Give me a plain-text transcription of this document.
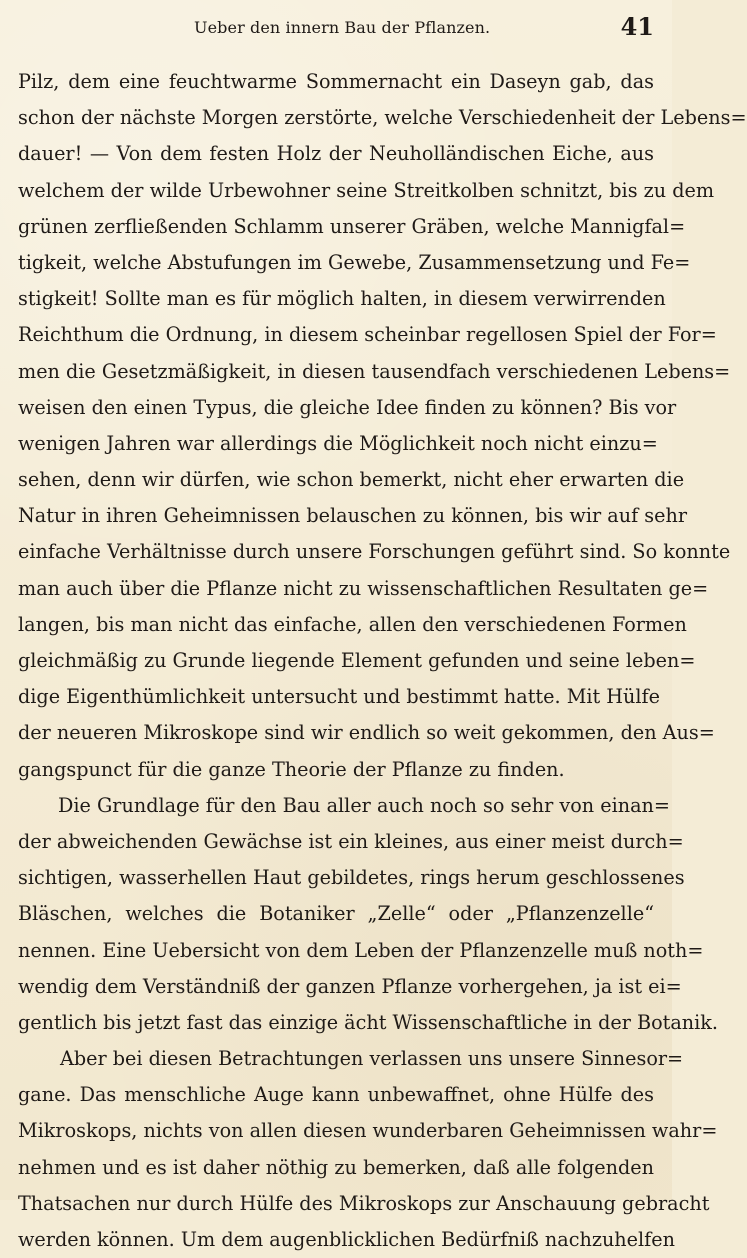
Ueber den innern Bau der Pflanzen.	41
Pilz, dem eine feuchtwarme Sommernacht ein Daseyn gab, das
schon der nächste Morgen zerstörte, welche Verschiedenheit der Lebens=
dauer! — Von dem festen Holz der Neuholländischen Eiche, aus
welchem der wilde Urbewohner seine Streitkolben schnitzt, bis zu dem
grünen zerfließenden Schlamm unserer Gräben, welche Mannigfal=
tigkeit, welche Abstufungen im Gewebe, Zusammensetzung und Fe=
stigkeit! Sollte man es für möglich halten, in diesem verwirrenden
Reichthum die Ordnung, in diesem scheinbar regellosen Spiel der For=
men die Gesetzmäßigkeit, in diesen tausendfach verschiedenen Lebens=
weisen den einen Typus, die gleiche Idee finden zu können? Bis vor
wenigen Jahren war allerdings die Möglichkeit noch nicht einzu=
sehen, denn wir dürfen, wie schon bemerkt, nicht eher erwarten die
Natur in ihren Geheimnissen belauschen zu können, bis wir auf sehr
einfache Verhältnisse durch unsere Forschungen geführt sind. So konnte
man auch über die Pflanze nicht zu wissenschaftlichen Resultaten ge=
langen, bis man nicht das einfache, allen den verschiedenen Formen
gleichmäßig zu Grunde liegende Element gefunden und seine leben=
dige Eigenthümlichkeit untersucht und bestimmt hatte. Mit Hülfe
der neueren Mikroskope sind wir endlich so weit gekommen, den Aus=
gangspunct für die ganze Theorie der Pflanze zu finden.
Die Grundlage für den Bau aller auch noch so sehr von einan=
der abweichenden Gewächse ist ein kleines, aus einer meist durch=
sichtigen, wasserhellen Haut gebildetes, rings herum geschlossenes
Bläschen, welches die Botaniker „Zelle“ oder „Pflanzenzelle“
nennen. Eine Uebersicht von dem Leben der Pflanzenzelle muß noth=
wendig dem Verständniß der ganzen Pflanze vorhergehen, ja ist ei=
gentlich bis jetzt fast das einzige ächt Wissenschaftliche in der Botanik.
Aber bei diesen Betrachtungen verlassen uns unsere Sinnesor=
gane. Das menschliche Auge kann unbewaffnet, ohne Hülfe des
Mikroskops, nichts von allen diesen wunderbaren Geheimnissen wahr=
nehmen und es ist daher nöthig zu bemerken, daß alle folgenden
Thatsachen nur durch Hülfe des Mikroskops zur Anschauung gebracht
werden können. Um dem augenblicklichen Bedürfniß nachzuhelfen
